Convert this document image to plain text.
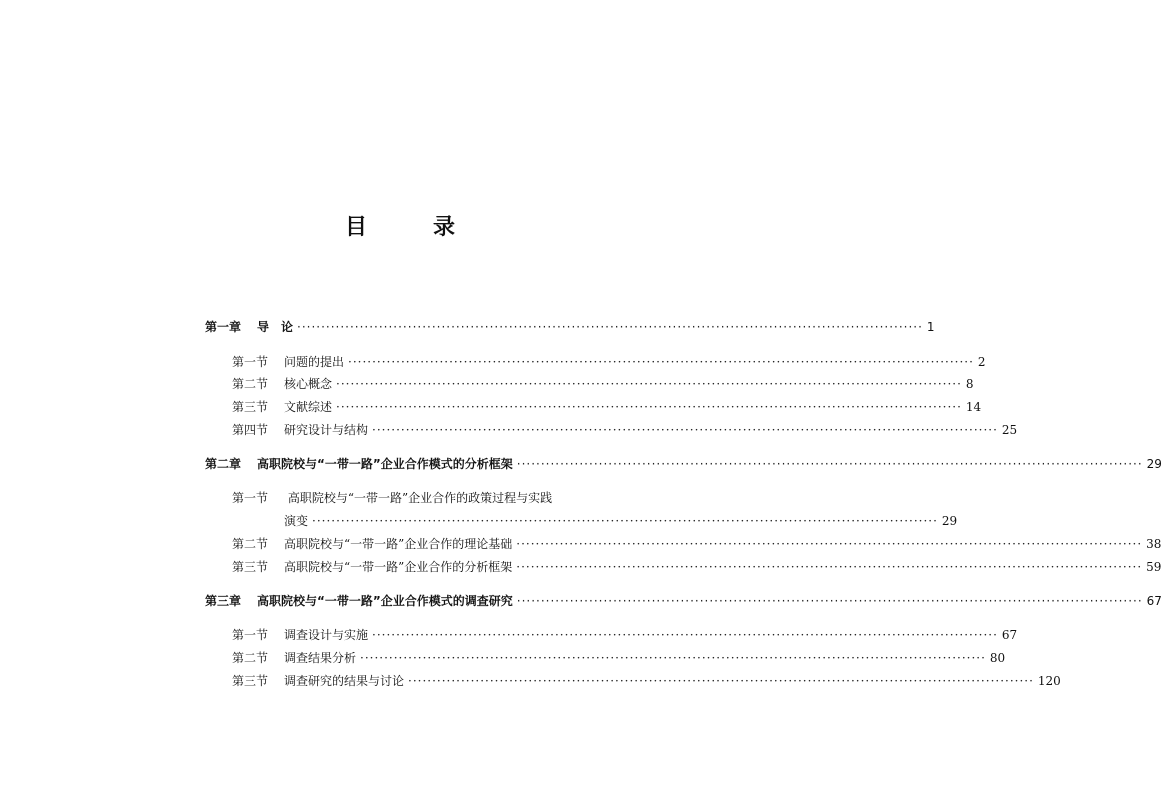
目　录
第一章	导　论 ·································································································································· 1
第一节	问题的提出 ·································································································································· 2
第二节	核心概念 ·································································································································· 8
第三节	文献综述 ·································································································································· 14
第四节	研究设计与结构 ·································································································································· 25
第二章	高职院校与“一带一路”企业合作模式的分析框架 ·································································································································· 29
第一节 高职院校与“一带一路”企业合作的政策过程与实践
演变 ·································································································································· 29
第二节	高职院校与“一带一路”企业合作的理论基础 ·································································································································· 38
第三节	高职院校与“一带一路”企业合作的分析框架 ·································································································································· 59
第三章	高职院校与“一带一路”企业合作模式的调查研究 ·································································································································· 67
第一节	调查设计与实施 ·································································································································· 67
第二节	调查结果分析 ·································································································································· 80
第三节	调查研究的结果与讨论 ·································································································································· 120
